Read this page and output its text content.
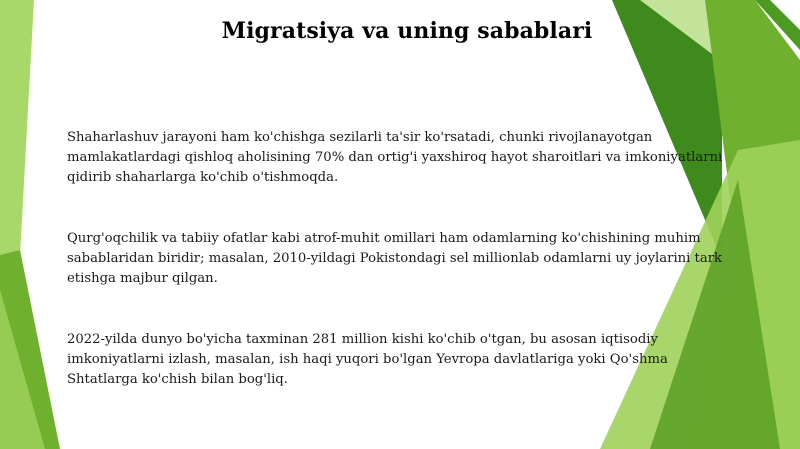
Migratsiya va uning sabablari

Shaharlashuv jarayoni ham ko'chishga sezilarli ta'sir ko'rsatadi, chunki rivojlanayotgan mamlakatlardagi qishloq aholisining 70% dan ortig'i yaxshiroq hayot sharoitlari va imkoniyatlarni qidirib shaharlarga ko'chib o'tishmoqda.

Qurg'oqchilik va tabiiy ofatlar kabi atrof-muhit omillari ham odamlarning ko'chishining muhim sabablaridan biridir; masalan, 2010-yildagi Pokistondagi sel millionlab odamlarni uy joylarini tark etishga majbur qilgan.

2022-yilda dunyo bo'yicha taxminan 281 million kishi ko'chib o'tgan, bu asosan iqtisodiy imkoniyatlarni izlash, masalan, ish haqi yuqori bo'lgan Yevropa davlatlariga yoki Qo'shma Shtatlarga ko'chish bilan bog'liq.
